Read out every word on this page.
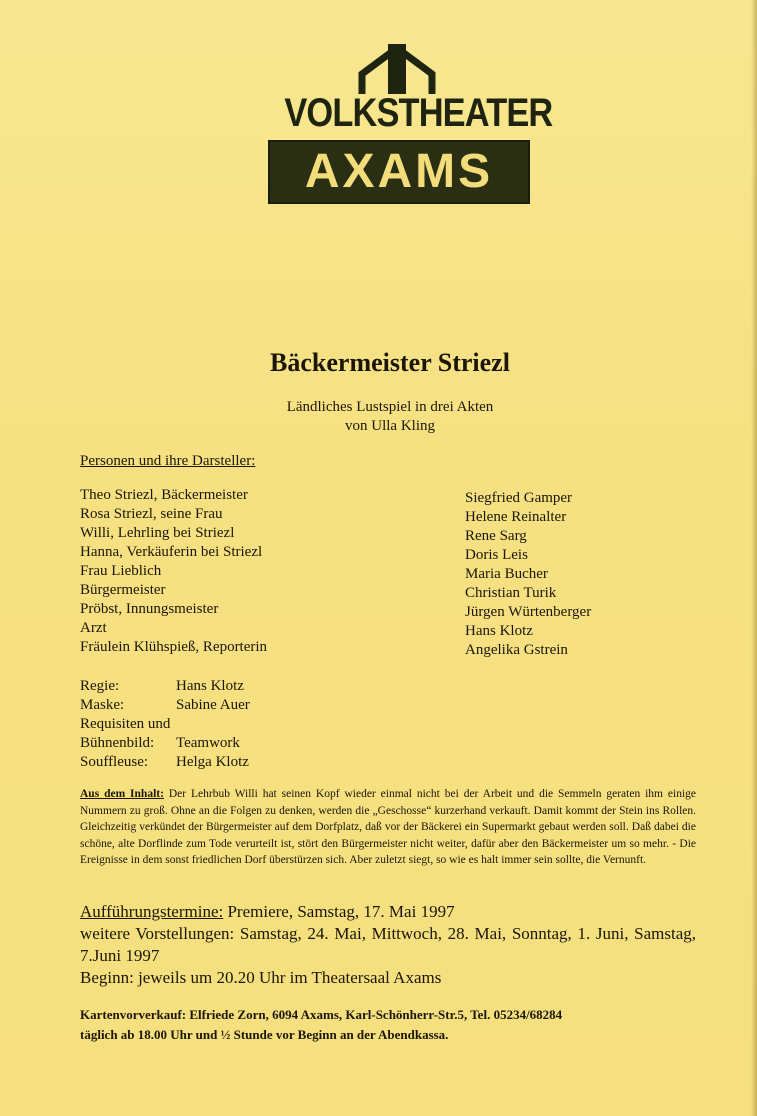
VOLKSTHEATER
AXAMS
Bäckermeister Striezl
Ländliches Lustspiel in drei Akten
von Ulla Kling
Personen und ihre Darsteller:
Theo Striezl, Bäckermeister
Rosa Striezl, seine Frau
Willi, Lehrling bei Striezl
Hanna, Verkäuferin bei Striezl
Frau Lieblich
Bürgermeister
Pröbst, Innungsmeister
Arzt
Fräulein Klühspieß, Reporterin
Siegfried Gamper
Helene Reinalter
Rene Sarg
Doris Leis
Maria Bucher
Christian Turik
Jürgen Würtenberger
Hans Klotz
Angelika Gstrein
Regie:	Hans Klotz
Maske:	Sabine Auer
Requisiten und
Bühnenbild: Teamwork
Souffleuse: Helga Klotz
Aus dem Inhalt: Der Lehrbub Willi hat seinen Kopf wieder einmal nicht bei der Arbeit und die Semmeln geraten ihm einige Nummern zu groß. Ohne an die Folgen zu denken, werden die „Geschosse“ kurzerhand verkauft. Damit kommt der Stein ins Rollen. Gleichzeitig verkündet der Bürgermeister auf dem Dorfplatz, daß vor der Bäckerei ein Supermarkt gebaut werden soll. Daß dabei die schöne, alte Dorflinde zum Tode verurteilt ist, stört den Bürgermeister nicht weiter, dafür aber den Bäckermeister um so mehr. - Die Ereignisse in dem sonst friedlichen Dorf überstürzen sich. Aber zuletzt siegt, so wie es halt immer sein sollte, die Vernunft.
Aufführungstermine: Premiere, Samstag, 17. Mai 1997
weitere Vorstellungen: Samstag, 24. Mai, Mittwoch, 28. Mai, Sonntag, 1. Juni, Samstag, 7.Juni 1997
Beginn: jeweils um 20.20 Uhr im Theatersaal Axams
Kartenvorverkauf: Elfriede Zorn, 6094 Axams, Karl-Schönherr-Str.5, Tel. 05234/68284
täglich ab 18.00 Uhr und ½ Stunde vor Beginn an der Abendkassa.
